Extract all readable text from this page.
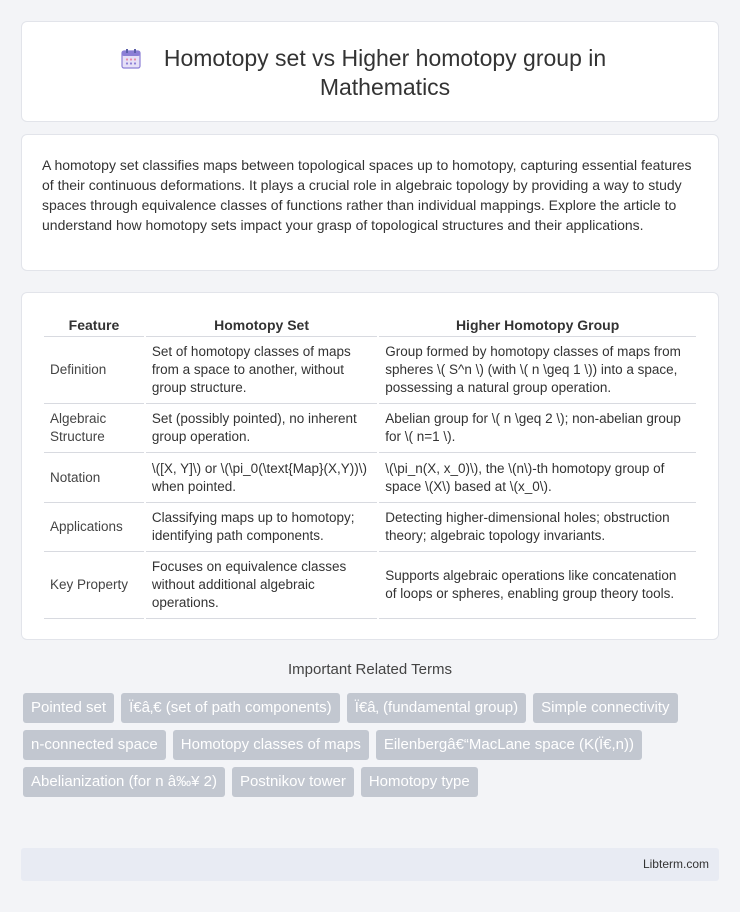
Homotopy set vs Higher homotopy group in Mathematics

A homotopy set classifies maps between topological spaces up to homotopy, capturing essential features of their continuous deformations. It plays a crucial role in algebraic topology by providing a way to study spaces through equivalence classes of functions rather than individual mappings. Explore the article to understand how homotopy sets impact your grasp of topological structures and their applications.

Feature	Homotopy Set	Higher Homotopy Group
Definition	Set of homotopy classes of maps from a space to another, without group structure.	Group formed by homotopy classes of maps from spheres \( S^n \) (with \( n \geq 1 \)) into a space, possessing a natural group operation.
Algebraic Structure	Set (possibly pointed), no inherent group operation.	Abelian group for \( n \geq 2 \); non-abelian group for \( n=1 \).
Notation	\([X, Y]\) or \(\pi_0(\text{Map}(X,Y))\) when pointed.	\(\pi_n(X, x_0)\), the \(n\)-th homotopy group of space \(X\) based at \(x_0\).
Applications	Classifying maps up to homotopy; identifying path components.	Detecting higher-dimensional holes; obstruction theory; algebraic topology invariants.
Key Property	Focuses on equivalence classes without additional algebraic operations.	Supports algebraic operations like concatenation of loops or spheres, enabling group theory tools.
Important Related Terms
Pointed set	Ï€â‚€ (set of path components)	Ï€â‚ (fundamental group)	Simple connectivity
n-connected space	Homotopy classes of maps	Eilenbergâ€“MacLane space (K(Ï€,n))
Abelianization (for n â‰¥ 2)	Postnikov tower	Homotopy type
Libterm.com
